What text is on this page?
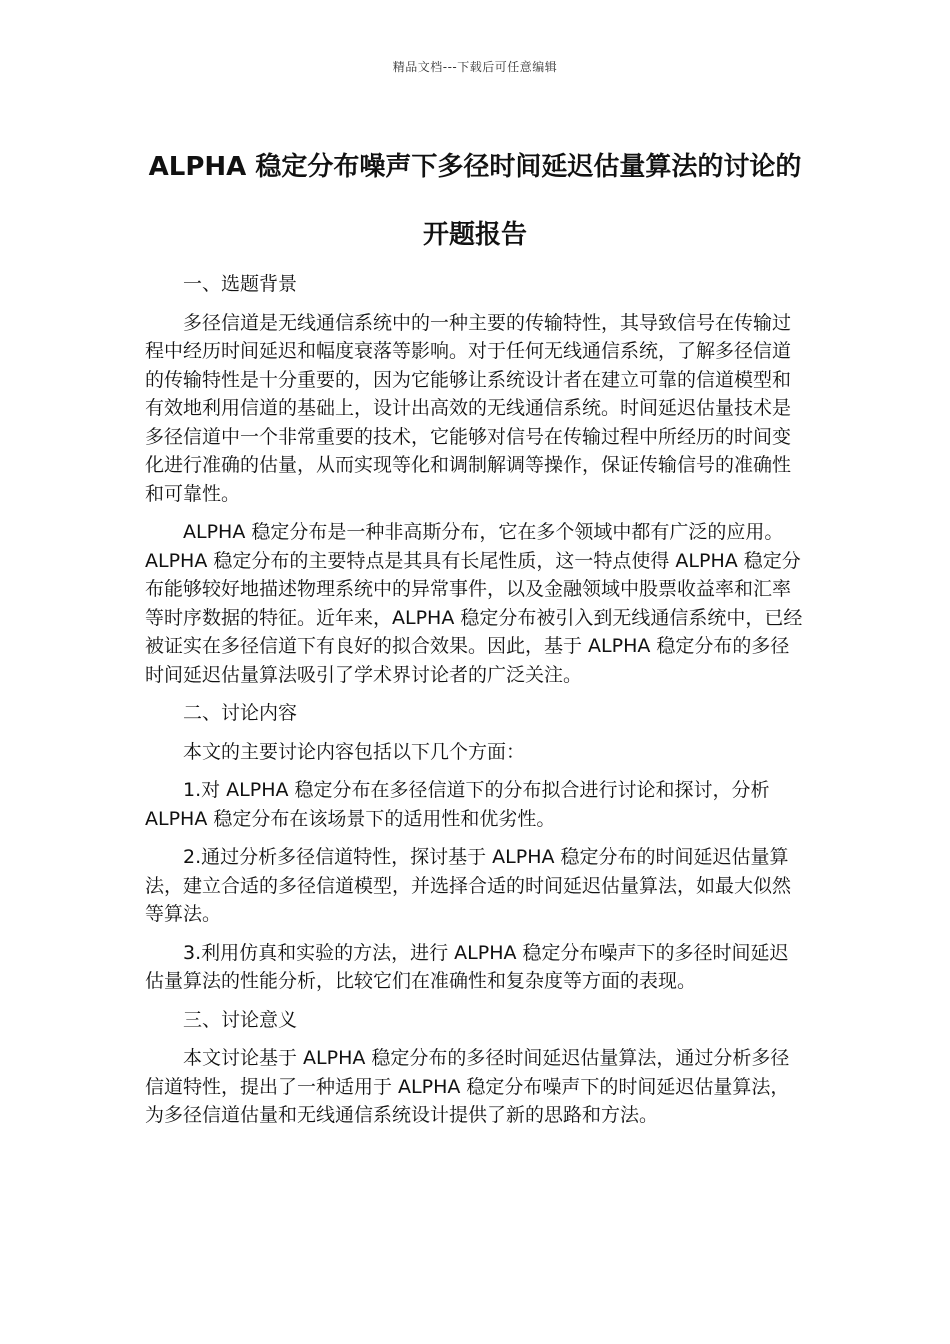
精品文档---下载后可任意编辑
ALPHA 稳定分布噪声下多径时间延迟估量算法的讨论的开题报告

一、选题背景

多径信道是无线通信系统中的一种主要的传输特性，其导致信号在传输过程中经历时间延迟和幅度衰落等影响。对于任何无线通信系统，了解多径信道的传输特性是十分重要的，因为它能够让系统设计者在建立可靠的信道模型和有效地利用信道的基础上，设计出高效的无线通信系统。时间延迟估量技术是多径信道中一个非常重要的技术，它能够对信号在传输过程中所经历的时间变化进行准确的估量，从而实现等化和调制解调等操作，保证传输信号的准确性和可靠性。

ALPHA 稳定分布是一种非高斯分布，它在多个领域中都有广泛的应用。ALPHA 稳定分布的主要特点是其具有长尾性质，这一特点使得 ALPHA 稳定分布能够较好地描述物理系统中的异常事件，以及金融领域中股票收益率和汇率等时序数据的特征。近年来，ALPHA 稳定分布被引入到无线通信系统中，已经被证实在多径信道下有良好的拟合效果。因此，基于 ALPHA 稳定分布的多径时间延迟估量算法吸引了学术界讨论者的广泛关注。

二、讨论内容

本文的主要讨论内容包括以下几个方面：

1.对 ALPHA 稳定分布在多径信道下的分布拟合进行讨论和探讨，分析 ALPHA 稳定分布在该场景下的适用性和优劣性。

2.通过分析多径信道特性，探讨基于 ALPHA 稳定分布的时间延迟估量算法，建立合适的多径信道模型，并选择合适的时间延迟估量算法，如最大似然等算法。

3.利用仿真和实验的方法，进行 ALPHA 稳定分布噪声下的多径时间延迟估量算法的性能分析，比较它们在准确性和复杂度等方面的表现。

三、讨论意义

本文讨论基于 ALPHA 稳定分布的多径时间延迟估量算法，通过分析多径信道特性，提出了一种适用于 ALPHA 稳定分布噪声下的时间延迟估量算法，为多径信道估量和无线通信系统设计提供了新的思路和方法。
